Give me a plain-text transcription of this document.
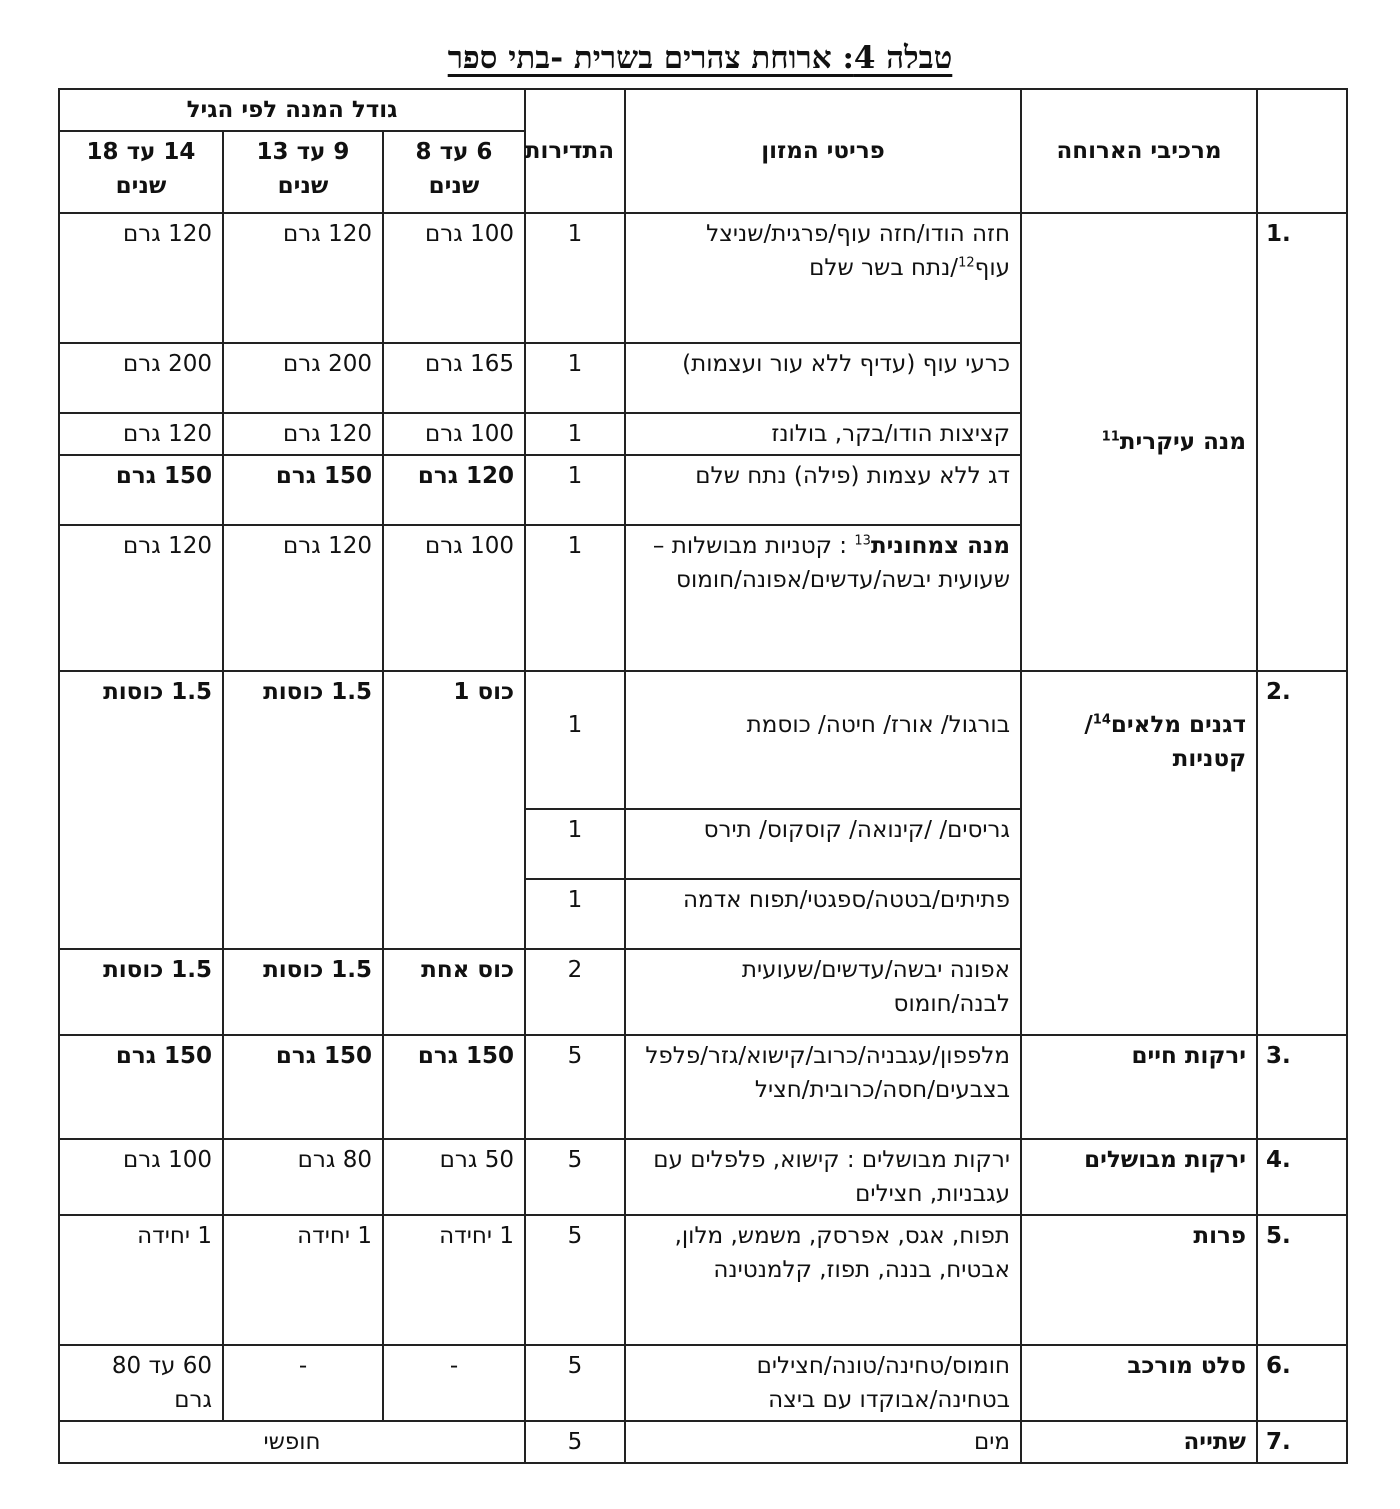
טבלה 4: ארוחת צהרים בשרית -בתי ספר
	מרכיבי הארוחה	פריטי המזון	התדירות	גודל המנה לפי הגיל		
				6 עד 8 שנים	9 עד 13 שנים	14 עד 18 שנים
.1	מנה עיקרית$^{11}$	חזה הודו/חזה עוף/פרגית/שניצל עוף$^{12}$/נתח בשר שלם	1	100 גרם	120 גרם	120 גרם
		כרעי עוף (עדיף ללא עור ועצמות)	1	165 גרם	200 גרם	200 גרם
		קציצות הודו/בקר, בולונז	1	100 גרם	120 גרם	120 גרם
		דג ללא עצמות (פילה) נתח שלם	1	120 גרם	150 גרם	150 גרם
		מנה צמחונית$^{13}$ : קטניות מבושלות – שעועית יבשה/עדשים/אפונה/חומוס	1	100 גרם	120 גרם	120 גרם
.2	דגנים מלאים$^{14}$/ קטניות	בורגול/ אורז/ חיטה/ כוסמת	1	כוס 1	1.5 כוסות	1.5 כוסות
		גריסים/ /קינואה/ קוסקוס/ תירס	1			
		פתיתים/בטטה/ספגטי/תפוח אדמה	1			
		אפונה יבשה/עדשים/שעועית לבנה/חומוס	2	כוס אחת	1.5 כוסות	1.5 כוסות
.3	ירקות חיים	מלפפון/עגבניה/כרוב/קישוא/גזר/פלפל בצבעים/חסה/כרובית/חציל	5	150 גרם	150 גרם	150 גרם
.4	ירקות מבושלים	ירקות מבושלים : קישוא, פלפלים עם עגבניות, חצילים	5	50 גרם	80 גרם	100 גרם
.5	פרות	תפוח, אגס, אפרסק, משמש, מלון, אבטיח, בננה, תפוז, קלמנטינה	5	1 יחידה	1 יחידה	1 יחידה
.6	סלט מורכב	חומוס/טחינה/טונה/חצילים בטחינה/אבוקדו עם ביצה	5	-	-	60 עד 80 גרם
.7	שתייה	מים	5	חופשי		
